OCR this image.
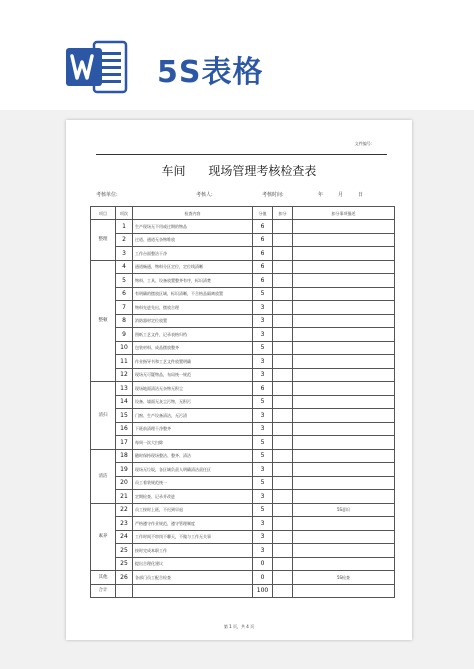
5S表格
文件编号:
车间      现场管理考核检查表
考核单位:	考核人:	考核时间:	年	月	日
项目	项次	检查内容	分值	扣分	扣分事项描述
整理	1	生产现场无不用或过期的物品	6		
	2	过道、通道无杂物堆放	6		
	3	工作台面整洁干净	6		
整顿	4	通道畅通，物料分区定位，定位线清晰	6		
	5	物料、工具、设备放置整齐有序，标识清楚	6		
	6	有明确的摆放区域，标识清晰，不合格品隔离放置	5		
	7	物料先进先出，摆放合理	3		
	8	消防器材定位放置	3		
	9	图纸工艺文件，记录表格归档	3		
	10	包装材料、成品摆放整齐	5		
	11	作业指导书和工艺文件放置明确	3		
	12	现场无可疑物品，布局统一规范	3		
清扫	13	现场地面清洁无杂物无积尘	6		
	14	设备、墙面无灰尘污物，无积污	5		
	15	门窗、生产设备清洁，无污渍	3		
	16	下班前清理干净整齐	3		
	17	每周一次大扫除	5		
清洁	18	随时保持现场整洁、整齐、清洁	5		
	19	现场无垃圾，各区域负责人明确清洁责任区	3		
	20	员工着装规范统一	5		
	21	定期检查、记录并改进	3		
素养	22	员工按时上班，不迟到早退	5		5S意识
	23	严格遵守作业规范，遵守管理制度	3		
	24	工作时间不串岗不聊天，不做与工作无关事	3		
	25	按时完成本职工作	3		
	25	提出合理化建议	0		
其他	26	各部门员工配合检查	0		5S检查
合计			100		
第 1 页，共 4 页
